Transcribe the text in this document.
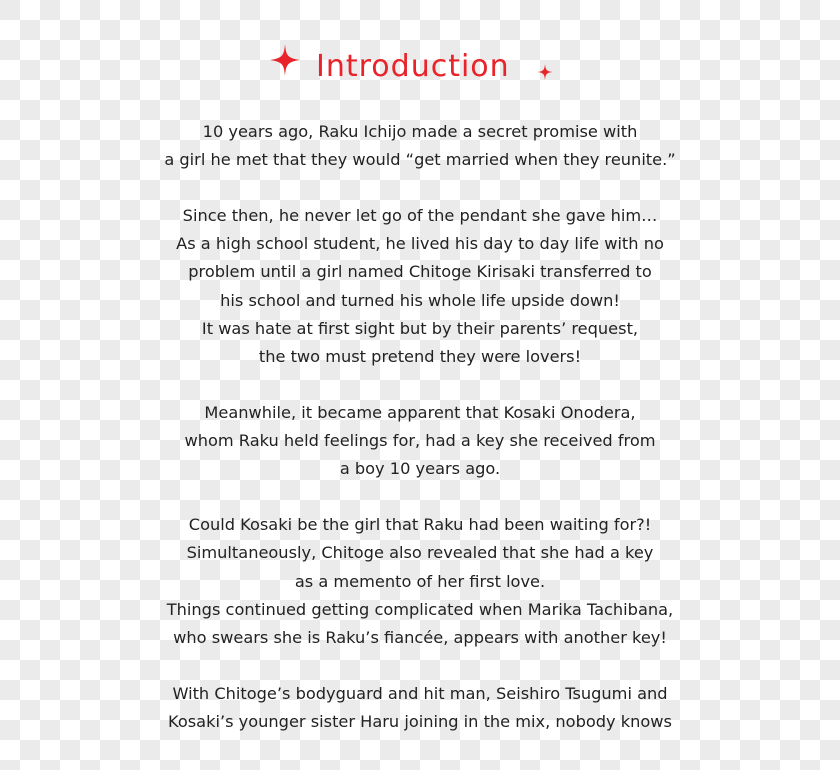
Introduction

10 years ago, Raku Ichijo made a secret promise with
a girl he met that they would “get married when they reunite.”

Since then, he never let go of the pendant she gave him…
As a high school student, he lived his day to day life with no
problem until a girl named Chitoge Kirisaki transferred to
his school and turned his whole life upside down!
It was hate at first sight but by their parents’ request,
the two must pretend they were lovers!

Meanwhile, it became apparent that Kosaki Onodera,
whom Raku held feelings for, had a key she received from
a boy 10 years ago.

Could Kosaki be the girl that Raku had been waiting for?!
Simultaneously, Chitoge also revealed that she had a key
as a memento of her first love.
Things continued getting complicated when Marika Tachibana,
who swears she is Raku’s fiancée, appears with another key!

With Chitoge’s bodyguard and hit man, Seishiro Tsugumi and
Kosaki’s younger sister Haru joining in the mix, nobody knows
